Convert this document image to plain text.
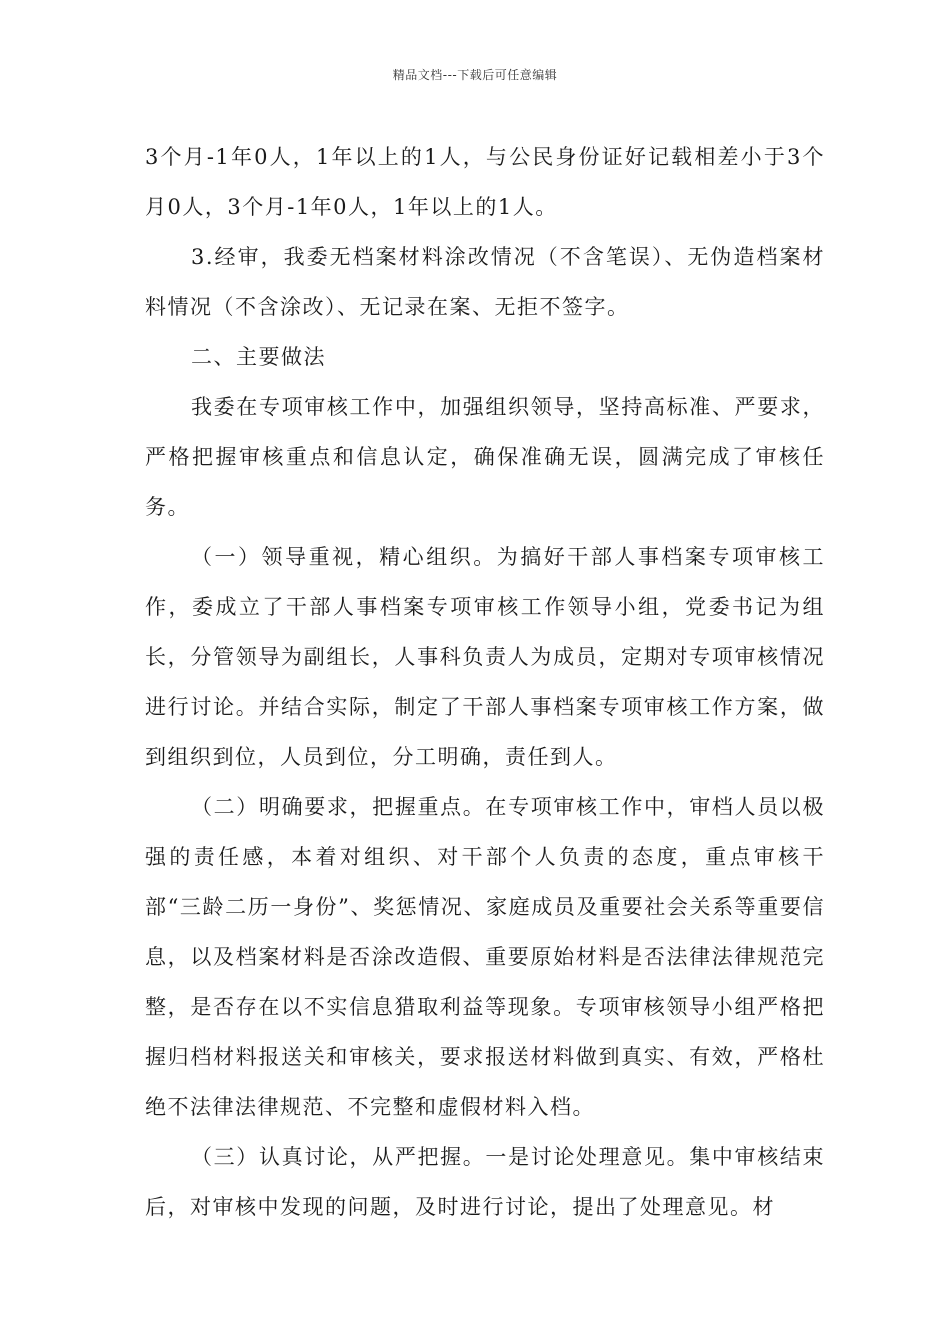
精品文档---下载后可任意编辑

3个月-1年0人，1年以上的1人，与公民身份证好记载相差小于3个月0人，3个月-1年0人，1年以上的1人。

3.经审，我委无档案材料涂改情况（不含笔误）、无伪造档案材料情况（不含涂改）、无记录在案、无拒不签字。

二、主要做法

我委在专项审核工作中，加强组织领导，坚持高标准、严要求，严格把握审核重点和信息认定，确保准确无误，圆满完成了审核任务。

（一）领导重视，精心组织。为搞好干部人事档案专项审核工作，委成立了干部人事档案专项审核工作领导小组，党委书记为组长，分管领导为副组长，人事科负责人为成员，定期对专项审核情况进行讨论。并结合实际，制定了干部人事档案专项审核工作方案，做到组织到位，人员到位，分工明确，责任到人。

（二）明确要求，把握重点。在专项审核工作中，审档人员以极强的责任感，本着对组织、对干部个人负责的态度，重点审核干部“三龄二历一身份”、奖惩情况、家庭成员及重要社会关系等重要信息，以及档案材料是否涂改造假、重要原始材料是否法律法律规范完整，是否存在以不实信息猎取利益等现象。专项审核领导小组严格把握归档材料报送关和审核关，要求报送材料做到真实、有效，严格杜绝不法律法律规范、不完整和虚假材料入档。

（三）认真讨论，从严把握。一是讨论处理意见。集中审核结束后，对审核中发现的问题，及时进行讨论，提出了处理意见。材
